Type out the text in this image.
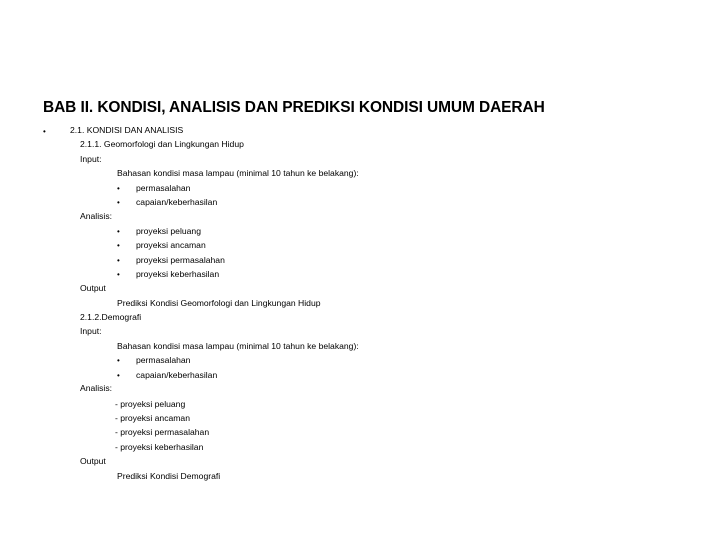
BAB II. KONDISI, ANALISIS DAN PREDIKSI KONDISI UMUM DAERAH
•	2.1. KONDISI DAN ANALISIS
2.1.1. Geomorfologi dan Lingkungan Hidup
Input:
Bahasan kondisi masa lampau (minimal 10 tahun ke belakang):
• permasalahan
• capaian/keberhasilan
Analisis:
• proyeksi peluang
• proyeksi ancaman
• proyeksi permasalahan
• proyeksi keberhasilan
Output
Prediksi Kondisi Geomorfologi dan Lingkungan Hidup
2.1.2.Demografi
Input:
Bahasan kondisi masa lampau (minimal 10 tahun ke belakang):
• permasalahan
• capaian/keberhasilan
Analisis:
- proyeksi peluang
- proyeksi ancaman
- proyeksi permasalahan
- proyeksi keberhasilan
Output
Prediksi Kondisi Demografi
